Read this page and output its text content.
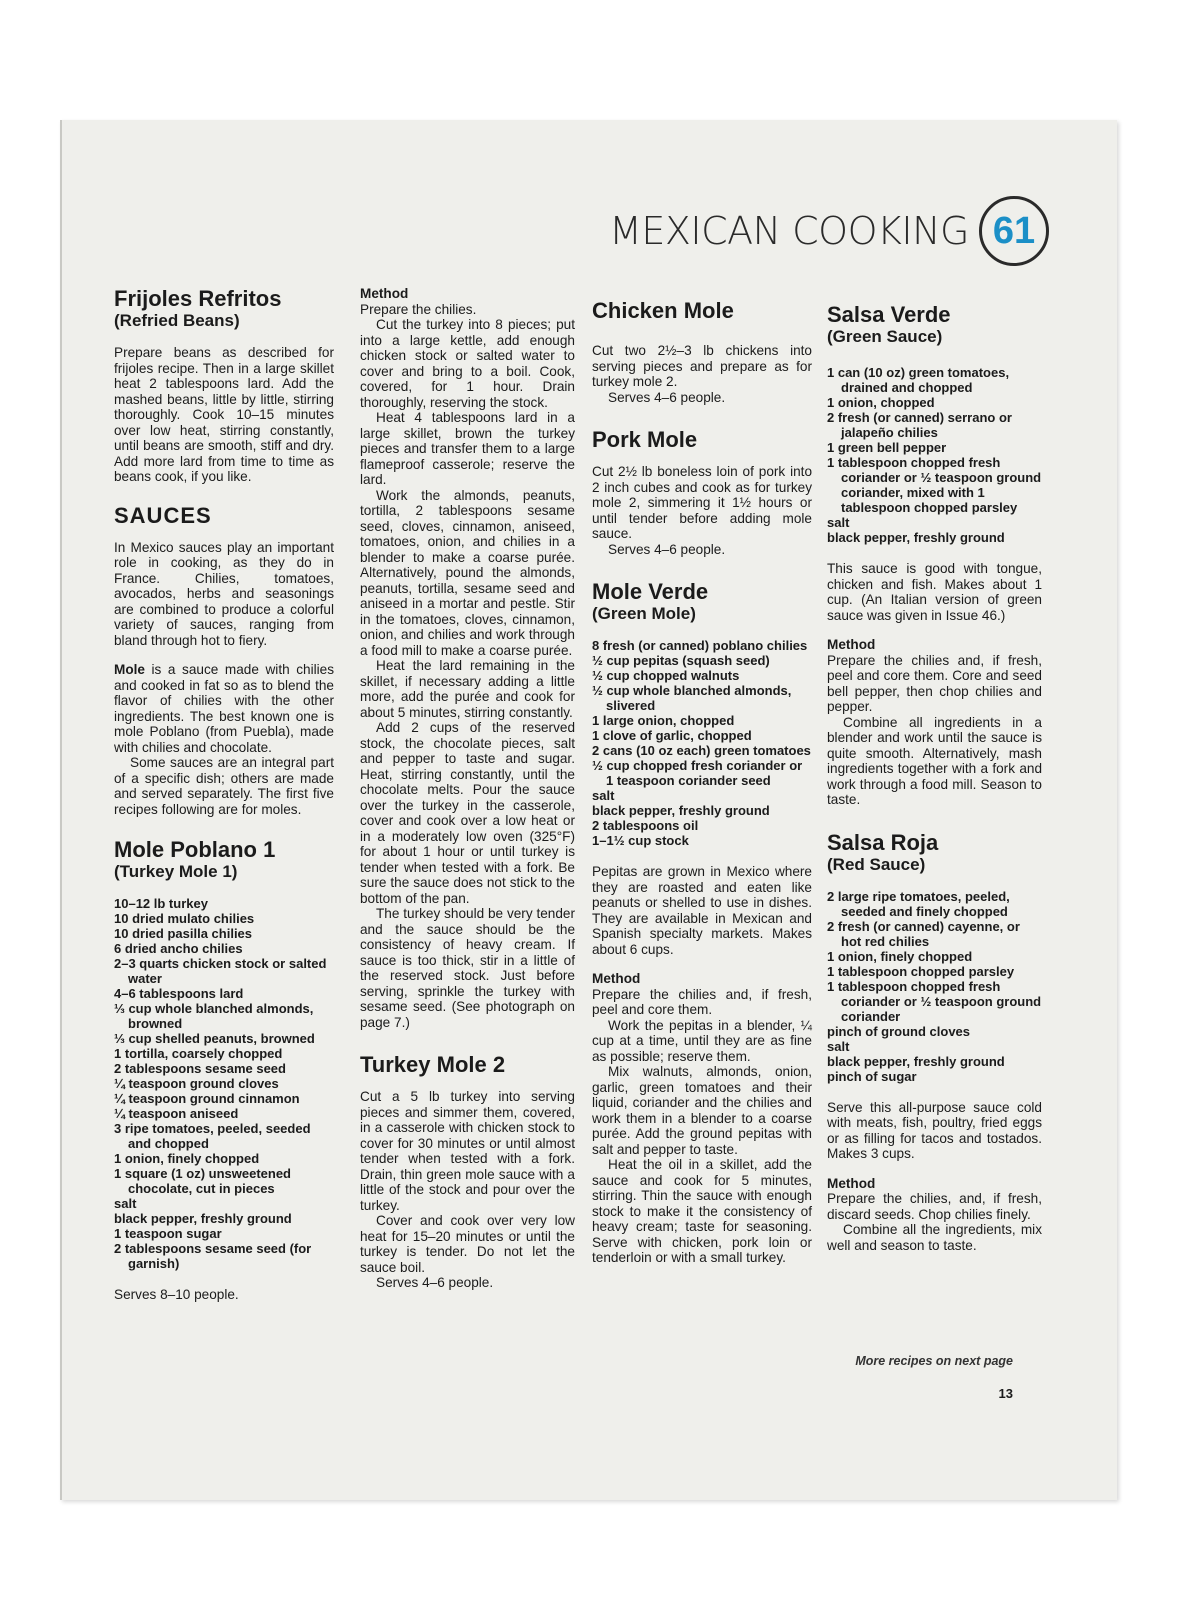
MEXICAN COOKING 61
Frijoles Refritos
(Refried Beans)

Prepare beans as described for frijoles recipe. Then in a large skillet heat 2 tablespoons lard. Add the mashed beans, little by little, stirring thoroughly. Cook 10–15 minutes over low heat, stirring constantly, until beans are smooth, stiff and dry. Add more lard from time to time as beans cook, if you like.

SAUCES

In Mexico sauces play an important role in cooking, as they do in France. Chilies, tomatoes, avocados, herbs and seasonings are combined to produce a colorful variety of sauces, ranging from bland through hot to fiery.

Mole is a sauce made with chilies and cooked in fat so as to blend the flavor of chilies with the other ingredients. The best known one is mole Poblano (from Puebla), made with chilies and chocolate.

Some sauces are an integral part of a specific dish; others are made and served separately. The first five recipes following are for moles.

Mole Poblano 1
(Turkey Mole 1)
10–12 lb turkey
10 dried mulato chilies
10 dried pasilla chilies
6 dried ancho chilies
2–3 quarts chicken stock or salted water
4–6 tablespoons lard
⅓ cup whole blanched almonds, browned
⅓ cup shelled peanuts, browned
1 tortilla, coarsely chopped
2 tablespoons sesame seed
¼ teaspoon ground cloves
¼ teaspoon ground cinnamon
¼ teaspoon aniseed
3 ripe tomatoes, peeled, seeded and chopped
1 onion, finely chopped
1 square (1 oz) unsweetened chocolate, cut in pieces
salt
black pepper, freshly ground
1 teaspoon sugar
2 tablespoons sesame seed (for garnish)

Serves 8–10 people.

Method

Prepare the chilies.

Cut the turkey into 8 pieces; put into a large kettle, add enough chicken stock or salted water to cover and bring to a boil. Cook, covered, for 1 hour. Drain thoroughly, reserving the stock.

Heat 4 tablespoons lard in a large skillet, brown the turkey pieces and transfer them to a large flameproof casserole; reserve the lard.

Work the almonds, peanuts, tortilla, 2 tablespoons sesame seed, cloves, cinnamon, aniseed, tomatoes, onion, and chilies in a blender to make a coarse purée. Alternatively, pound the almonds, peanuts, tortilla, sesame seed and aniseed in a mortar and pestle. Stir in the tomatoes, cloves, cinnamon, onion, and chilies and work through a food mill to make a coarse purée.

Heat the lard remaining in the skillet, if necessary adding a little more, add the purée and cook for about 5 minutes, stirring constantly.

Add 2 cups of the reserved stock, the chocolate pieces, salt and pepper to taste and sugar. Heat, stirring constantly, until the chocolate melts. Pour the sauce over the turkey in the casserole, cover and cook over a low heat or in a moderately low oven (325°F) for about 1 hour or until turkey is tender when tested with a fork. Be sure the sauce does not stick to the bottom of the pan.

The turkey should be very tender and the sauce should be the consistency of heavy cream. If sauce is too thick, stir in a little of the reserved stock. Just before serving, sprinkle the turkey with sesame seed. (See photograph on page 7.)

Turkey Mole 2

Cut a 5 lb turkey into serving pieces and simmer them, covered, in a casserole with chicken stock to cover for 30 minutes or until almost tender when tested with a fork. Drain, thin green mole sauce with a little of the stock and pour over the turkey.

Cover and cook over very low heat for 15–20 minutes or until the turkey is tender. Do not let the sauce boil.

Serves 4–6 people.

Chicken Mole

Cut two 2½–3 lb chickens into serving pieces and prepare as for turkey mole 2.

Serves 4–6 people.

Pork Mole

Cut 2½ lb boneless loin of pork into 2 inch cubes and cook as for turkey mole 2, simmering it 1½ hours or until tender before adding mole sauce.

Serves 4–6 people.

Mole Verde
(Green Mole)
8 fresh (or canned) poblano chilies
½ cup pepitas (squash seed)
½ cup chopped walnuts
½ cup whole blanched almonds, slivered
1 large onion, chopped
1 clove of garlic, chopped
2 cans (10 oz each) green tomatoes
½ cup chopped fresh coriander or 1 teaspoon coriander seed
salt
black pepper, freshly ground
2 tablespoons oil
1–1½ cup stock

Pepitas are grown in Mexico where they are roasted and eaten like peanuts or shelled to use in dishes. They are available in Mexican and Spanish specialty markets. Makes about 6 cups.

Method

Prepare the chilies and, if fresh, peel and core them.

Work the pepitas in a blender, ¼ cup at a time, until they are as fine as possible; reserve them.

Mix walnuts, almonds, onion, garlic, green tomatoes and their liquid, coriander and the chilies and work them in a blender to a coarse purée. Add the ground pepitas with salt and pepper to taste.

Heat the oil in a skillet, add the sauce and cook for 5 minutes, stirring. Thin the sauce with enough stock to make it the consistency of heavy cream; taste for seasoning. Serve with chicken, pork loin or tenderloin or with a small turkey.

Salsa Verde
(Green Sauce)
1 can (10 oz) green tomatoes, drained and chopped
1 onion, chopped
2 fresh (or canned) serrano or jalapeño chilies
1 green bell pepper
1 tablespoon chopped fresh coriander or ½ teaspoon ground coriander, mixed with 1 tablespoon chopped parsley
salt
black pepper, freshly ground

This sauce is good with tongue, chicken and fish. Makes about 1 cup. (An Italian version of green sauce was given in Issue 46.)

Method

Prepare the chilies and, if fresh, peel and core them. Core and seed bell pepper, then chop chilies and pepper.

Combine all ingredients in a blender and work until the sauce is quite smooth. Alternatively, mash ingredients together with a fork and work through a food mill. Season to taste.

Salsa Roja
(Red Sauce)
2 large ripe tomatoes, peeled, seeded and finely chopped
2 fresh (or canned) cayenne, or hot red chilies
1 onion, finely chopped
1 tablespoon chopped parsley
1 tablespoon chopped fresh coriander or ½ teaspoon ground coriander
pinch of ground cloves
salt
black pepper, freshly ground
pinch of sugar

Serve this all-purpose sauce cold with meats, fish, poultry, fried eggs or as filling for tacos and tostados. Makes 3 cups.

Method

Prepare the chilies, and, if fresh, discard seeds. Chop chilies finely.

Combine all the ingredients, mix well and season to taste.

More recipes on next page
13
